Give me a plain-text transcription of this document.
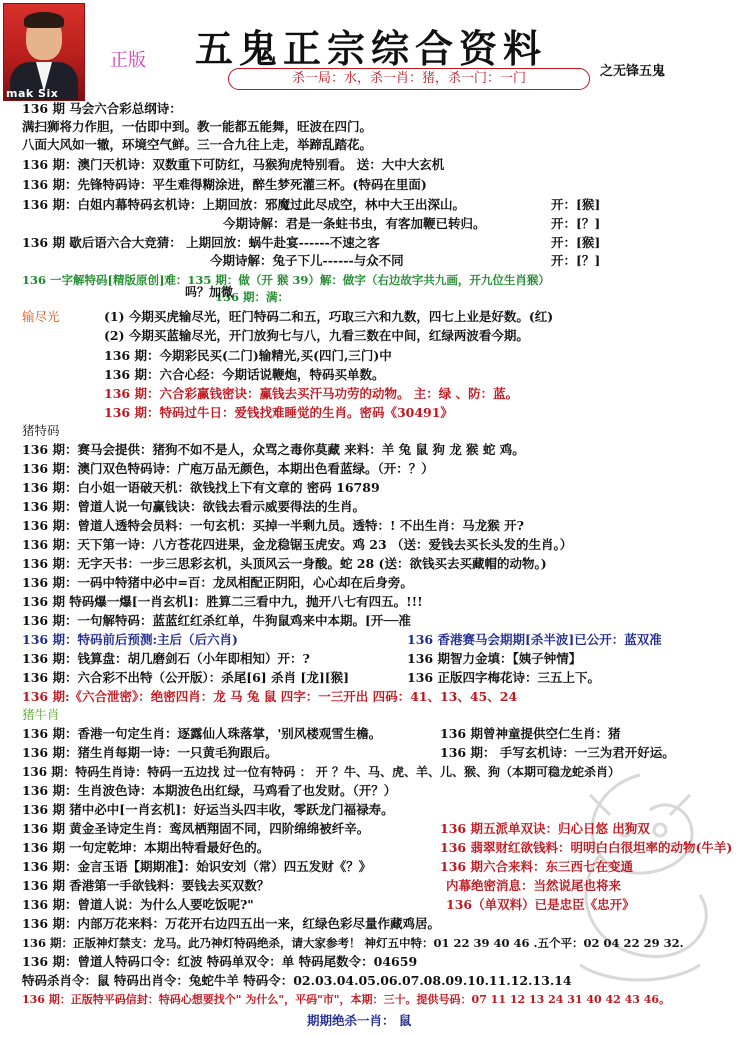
mak Six
正版 五鬼正宗综合资料
之无锋五鬼
杀一局：水，杀一肖：猪，杀一门：一门
136 期 马会六合彩总纲诗：
满扫狮将力作胆，一估即中到。教一能都五能舞，旺波在四门。
八面大风如一辙，环境空气鲜。三一合九往上走，举蹄乱踏花。
136 期：澳门天机诗：双数重下可防红，马猴狗虎特别看。 送：大中大玄机
136 期：先锋特码诗：平生难得糊涂进，醉生梦死灌三杯。(特码在里面)
136 期：白姐内幕特码玄机诗：上期回放：邪魔过此尽成空，林中大王出深山。	开：[猴]
今期诗解：君是一条蛀书虫，有客加鞭已转归。	开：[？]
136 期 歇后语六合大竞猜： 上期回放：蜗牛赴宴------不速之客	开：[猴]
今期诗解：兔子下儿------与众不同	开：[？]
136 一字解特码[精版原创]难：135 期：做（开 猴 39）解：做字（右边故字共九画，开九位生肖猴）
136 期：满：
吗？加微
输尽光	(1) 今期买虎输尽光，旺门特码二和五，巧取三六和九数，四七上业是好数。(红)
(2) 今期买蓝输尽光，开门放狗七与八，九看三数在中间，红绿两波看今期。
136 期：今期彩民买(二门)输精光,买(四门,三门)中
136 期：六合心经：今期话说鞭炮，特码买单数。
136 期：六合彩赢钱密诀：赢钱去买汗马功劳的动物。 主：绿 、防：蓝。
136 期：特码过牛日：爱钱找难睡觉的生肖。密码《30491》
猪特码
136 期：赛马会提供：猪狗不如不是人，众骂之毒你莫藏 来料：羊 兔 鼠 狗 龙 猴 蛇 鸡。
136 期：澳门双色特码诗：广庖万品无颜色，本期出色看蓝绿。（开：？）
136 期：白小姐一语破天机：欲钱找上下有文章的 密码 16789
136 期：曾道人说一句赢钱诀：欲钱去看示威要得法的生肖。
136 期：曾道人透特会员料：一句玄机：买掉一半剩九员。透特：! 不出生肖：马龙猴 开?
136 期：天下第一诗：八方苍花四进果，金龙稳锯玉虎安。鸡 23 （送：爱钱去买长头发的生肖。）
136 期：无字天书：一步三思彩玄机，头顶风云一身酸。蛇 28 (送：欲钱买去买藏帽的动物。)
136 期：一码中特猪中必中=百：龙凤相配正阴阳，心心却在后身旁。
136 期 特码爆一爆[一肖玄机]：胜算二三看中九，抛开八七有四五。!!!
136 期：一句解特码：蓝蓝红红杀红单，牛狗鼠鸡来中本期。[开──准
136 期：特码前后预测:主后（后六肖)	136 香港赛马会期期[杀半波]已公开：蓝双准
136 期：钱算盘：胡几磨剑石（小年即相知）开：?	136 期智力金填：【姨子钟情】
136 期：六合彩不出特（公开版）：杀尾[6] 杀肖 [龙][猴]	136 正版四字梅花诗：三五上下。
136 期:《六合泄密》：绝密四肖：龙 马 兔 鼠 四字：一三开出 四码：41、13、45、24
猪牛肖
136 期：香港一句定生肖：逐露仙人珠落掌，'别风楼观雪生檐。	136 期曾神童提供空仁生肖：猪
136 期：猪生肖每期一诗：一只黄毛狗跟后。	136 期： 手写玄机诗：一三为君开好运。
136 期：特码生肖诗：特码一五边找 过一位有特码 ： 开 ？牛、马、虎、羊、儿、猴、狗（本期可稳龙蛇杀肖）
136 期：生肖波色诗：本期波色出红绿，马鸡看了也发财。（开？）
136 期 猪中必中[一肖玄机]：好运当头四丰收，零跃龙门福禄寿。
136 期 黄金圣诗定生肖：鸾凤栖翔固不同，四阶绵绵被纤辛。	136 期五派单双诀：归心日悠 出狗双
136 期 一句定乾坤：本期出特看最好色的。	136 翡翠财红欲钱料：明明白白很坦率的动物(牛羊)
136 期：金言玉语【期期准】：始识安刘（常）四五发财《？》	136 期六合来料：东三西七在变通
136 期 香港第一手欲钱料：要钱去买双数？	内幕绝密消息：当然说尾也将来
136 期：曾道人说：为什么人要吃饭呢?"	136（单双料）已是忠臣《忠开》
136 期：内部万花来料：万花开右边四五出一来，红绿色彩尽量作藏鸡居。
136 期：正版神灯禁支：龙马。此乃神灯特码绝杀，请大家参考！ 神灯五中特：01 22 39 40 46 .五个平：02 04 22 29 32.
136 期：曾道人特码口令：红波 特码单双令：单 特码尾数令：04659
特码杀肖令：鼠 特码出肖令：兔蛇牛羊 特码令：02.03.04.05.06.07.08.09.10.11.12.13.14
136 期：正版特平码信封：特码心想要找个" 为什么"，平码"市"，本期：三十。提供号码：07 11 12 13 24 31 40 42 43 46。
期期绝杀一肖： 鼠
